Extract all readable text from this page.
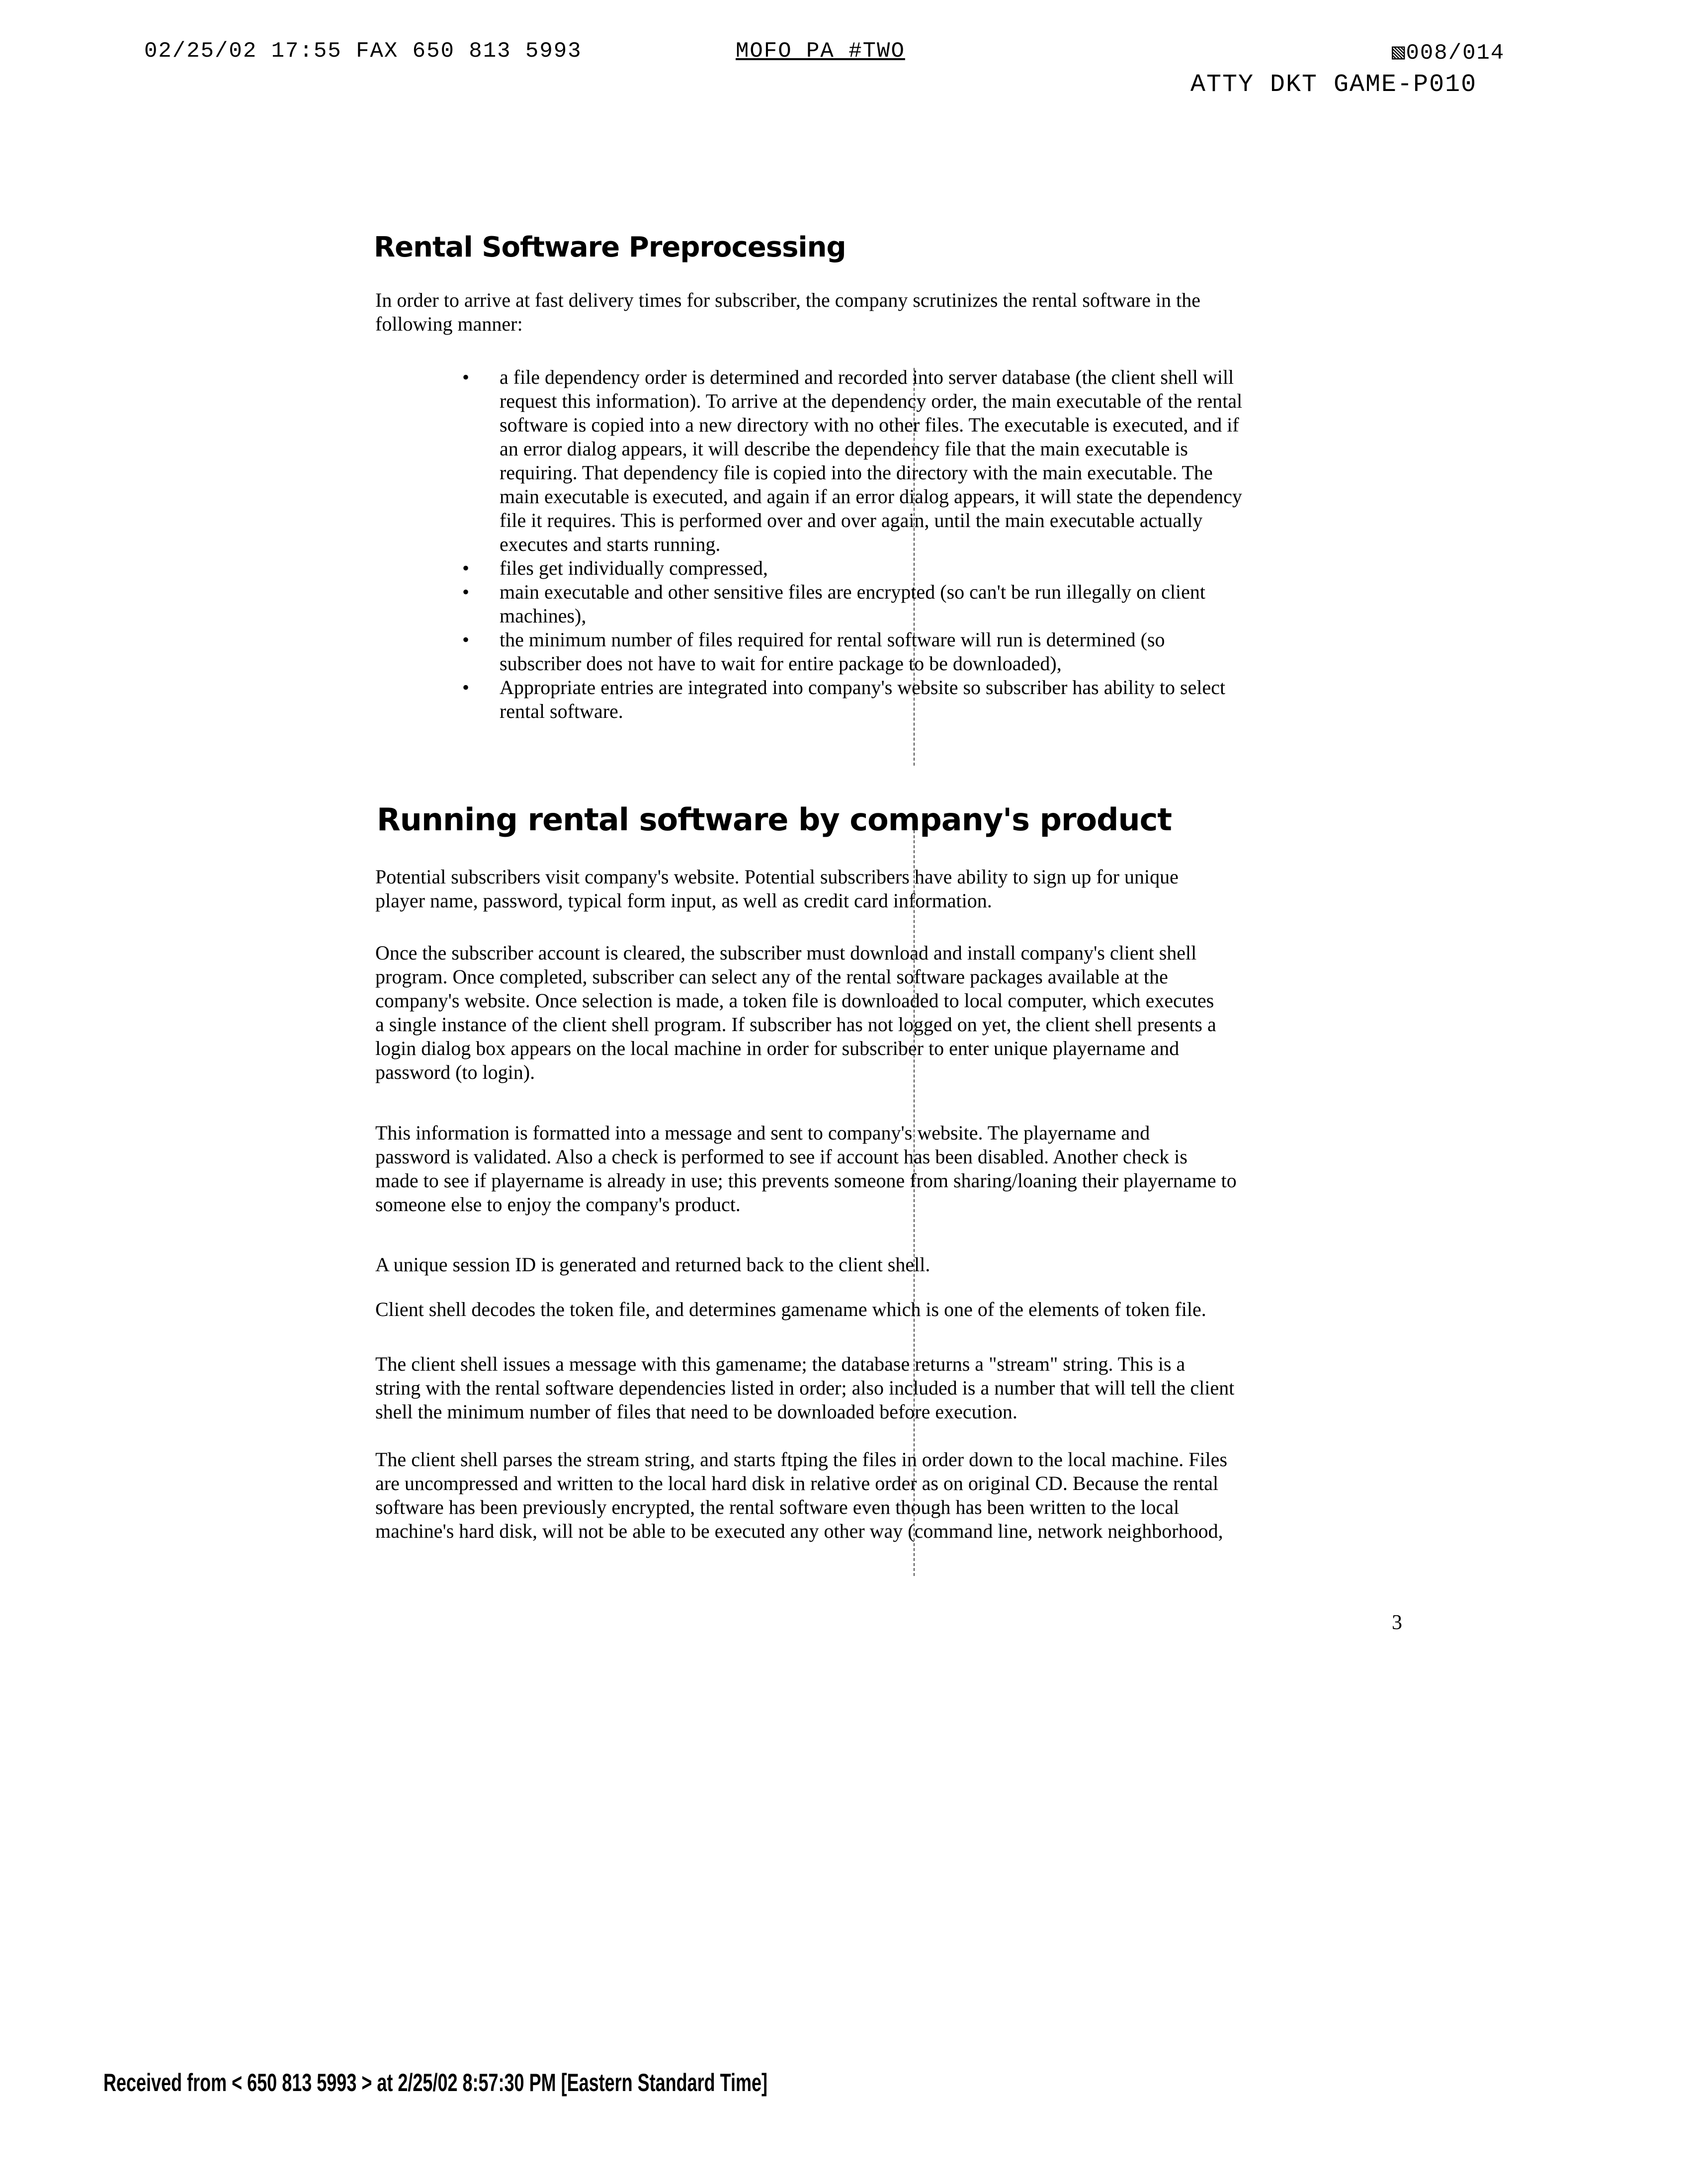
02/25/02 17:55 FAX 650 813 5993	MOFO PA #TWO	▧008/014
ATTY DKT GAME-P010
Rental Software Preprocessing
In order to arrive at fast delivery times for subscriber, the company scrutinizes the rental software in the
following manner:
• a file dependency order is determined and recorded into server database (the client shell will
request this information). To arrive at the dependency order, the main executable of the rental
software is copied into a new directory with no other files. The executable is executed, and if
an error dialog appears, it will describe the dependency file that the main executable is
requiring. That dependency file is copied into the directory with the main executable. The
main executable is executed, and again if an error dialog appears, it will state the dependency
file it requires. This is performed over and over again, until the main executable actually
executes and starts running.
• files get individually compressed,
• main executable and other sensitive files are encrypted (so can't be run illegally on client
machines),
• the minimum number of files required for rental software will run is determined (so
subscriber does not have to wait for entire package to be downloaded),
• Appropriate entries are integrated into company's website so subscriber has ability to select
rental software.
Running rental software by company's product
Potential subscribers visit company's website. Potential subscribers have ability to sign up for unique
player name, password, typical form input, as well as credit card information.
Once the subscriber account is cleared, the subscriber must download and install company's client shell
program. Once completed, subscriber can select any of the rental software packages available at the
company's website. Once selection is made, a token file is downloaded to local computer, which executes
a single instance of the client shell program. If subscriber has not logged on yet, the client shell presents a
login dialog box appears on the local machine in order for subscriber to enter unique playername and
password (to login).
This information is formatted into a message and sent to company's website. The playername and
password is validated. Also a check is performed to see if account has been disabled. Another check is
made to see if playername is already in use; this prevents someone from sharing/loaning their playername to
someone else to enjoy the company's product.
A unique session ID is generated and returned back to the client shell.
Client shell decodes the token file, and determines gamename which is one of the elements of token file.
The client shell issues a message with this gamename; the database returns a "stream" string. This is a
string with the rental software dependencies listed in order; also included is a number that will tell the client
shell the minimum number of files that need to be downloaded before execution.
The client shell parses the stream string, and starts ftping the files in order down to the local machine. Files
are uncompressed and written to the local hard disk in relative order as on original CD. Because the rental
software has been previously encrypted, the rental software even though has been written to the local
machine's hard disk, will not be able to be executed any other way (command line, network neighborhood,
3
Received from < 650 813 5993 > at 2/25/02 8:57:30 PM [Eastern Standard Time]
